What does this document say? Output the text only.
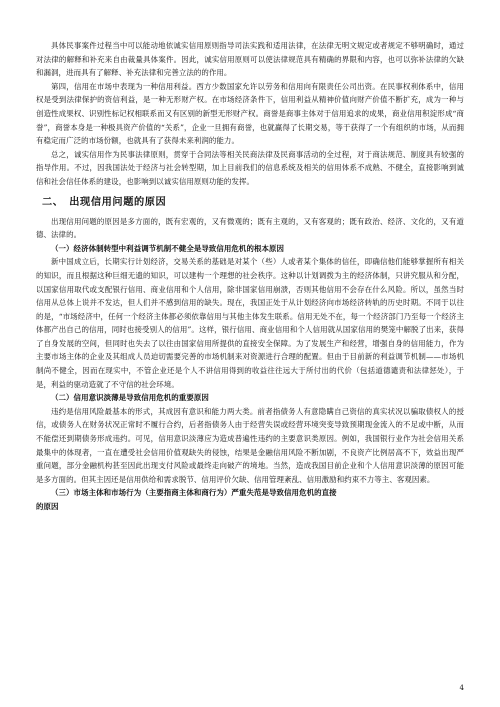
具体民事案件过程当中可以能动地依诚实信用原则指导司法实践和适用法律，在法律无明文规定或者规定不够明确时，通过对法律的解释和补充来自由裁量具体案件。因此，诚实信用原则可以使法律规范具有精确的界限和内容，也可以弥补法律的欠缺和漏洞，进而具有了解释、补充法律和完善立法的的作用。

第四，信用在市场中表现为一种信用利益。西方少数国家允许以劳务和信用向有限责任公司出资。在民事权利体系中，信用权是受到法律保护的资信利益，是一种无形财产权。在市场经济条件下，信用利益从精神价值向财产价值不断扩充，成为一种与创造性成果权、识别性标记权相联系而又有区别的新型无形财产权。商誉是商事主体对于信用追求的成果，商业信用积淀形成“商誉”，商誉本身是一种极具资产价值的“关系”，企业一旦拥有商誉，也就赢得了长期交易，等于获得了一个有组织的市场，从而拥有稳定而广泛的市场份额，也就具有了获得未来利润的能力。

总之，诚实信用作为民事法律原则，贯穿于合同法等相关民商法律及民商事活动的全过程，对于商法规范、制度具有较强的指导作用。不过，因我国法处于经济与社会转型期，加上目前我们的信息系统及相关的信用体系不成熟、不健全，直接影响到诚信和社会信任体系的建设，也影响到以诚实信用原则功能的发挥。

二、　出现信用问题的原因

出现信用问题的原因是多方面的，既有宏观的，又有微观的；既有主观的，又有客观的；既有政治、经济、文化的，又有道德、法律的。

（一）经济体制转型中利益调节机制不健全是导致信用危机的根本原因

新中国成立后，长期实行计划经济，交易关系的基础是对某个（些）人或者某个集体的信任，即确信他们能够掌握所有相关的知识，而且根据这种巨细无遗的知识，可以建构一个理想的社会秩序。这种以计划调拨为主的经济体制，只讲究服从和分配，以国家信用取代或支配银行信用、商业信用和个人信用，除非国家信用崩溃，否则其他信用不会存在什么风险。所以，虽然当时信用从总体上说并不发达，但人们并不感到信用的缺失。现在，我国正处于从计划经济向市场经济转轨的历史时期。不同于以往的是，“市场经济中，任何一个经济主体都必须依靠信用与其他主体发生联系。信用无处不在，每一个经济部门乃至每一个经济主体都产出自己的信用，同时也接受别人的信用”。这样，银行信用、商业信用和个人信用就从国家信用的樊笼中解脱了出来，获得了自身发展的空间，但同时也失去了以往由国家信用所提供的直接安全保障。为了发展生产和经营，增强自身的信用能力，作为主要市场主体的企业及其组成人员迫切需要完善的市场机制来对资源进行合理的配置。但由于目前新的利益调节机制——市场机制尚不健全，因而在现实中，不管企业还是个人不讲信用得到的收益往往远大于所付出的代价（包括道德谴责和法律惩处），于是，利益的驱动造就了不守信的社会环境。

（二）信用意识淡薄是导致信用危机的重要原因

违约是信用风险最基本的形式，其成因有意识和能力两大类。前者指债务人有意隐瞒自己资信的真实状况以骗取债权人的授信，或债务人在财务状况正常时不履行合约，后者指债务人由于经营失误或经营环境突变导致预期现金流入的不足或中断，从而不能偿还到期债务形成违约。可见，信用意识淡薄应为造成普遍性违约的主要意识类原因。例如，我国银行业作为社会信用关系最集中的体现者，一直在遭受社会信用价值观缺失的侵蚀，结果是金融信用风险不断加剧，不良资产比例居高不下，效益出现严重问题，部分金融机构甚至因此出现支付风险或最终走向破产的境地。当然，造成我国目前企业和个人信用意识淡薄的原因可能是多方面的。但其主因还是信用供给和需求脱节、信用评价欠缺、信用管理紊乱、信用激励和约束不力等主、客观因素。

（三）市场主体和市场行为（主要指商主体和商行为）严重失范是导致信用危机的直接

的原因

4
